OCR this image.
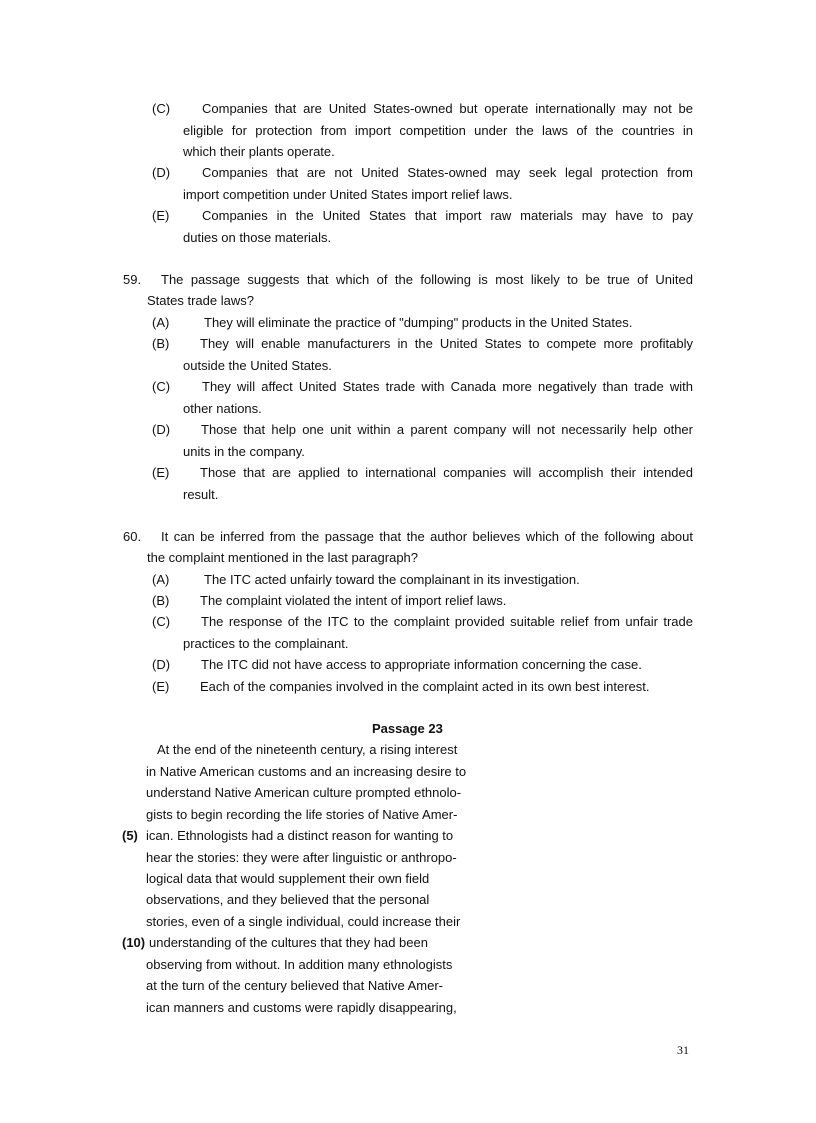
(C) Companies that are United States-owned but operate internationally may not be
eligible for protection from import competition under the laws of the countries in
which their plants operate.
(D) Companies that are not United States-owned may seek legal protection from
import competition under United States import relief laws.
(E)	Companies in the United States that import raw materials may have to pay
duties on those materials.
59. The passage suggests that which of the following is most likely to be true of United
States trade laws?
(A)	They will eliminate the practice of "dumping" products in the United States.
(B) They will enable manufacturers in the United States to compete more profitably
outside the United States.
(C) They will affect United States trade with Canada more negatively than trade with
other nations.
(D) Those that help one unit within a parent company will not necessarily help other
units in the company.
(E) Those that are applied to international companies will accomplish their intended
result.
60. It can be inferred from the passage that the author believes which of the following about
the complaint mentioned in the last paragraph?
(A)	The ITC acted unfairly toward the complainant in its investigation.
(B) The complaint violated the intent of import relief laws.
(C) The response of the ITC to the complaint provided suitable relief from unfair trade
practices to the complainant.
(D) The ITC did not have access to appropriate information concerning the case.
(E) Each of the companies involved in the complaint acted in its own best interest.
Passage 23
At the end of the nineteenth century, a rising interest
in Native American customs and an increasing desire to
understand Native American culture prompted ethnolo-
gists to begin recording the life stories of Native Amer-
(5) ican. Ethnologists had a distinct reason for wanting to
hear the stories: they were after linguistic or anthropo-
logical data that would supplement their own field
observations, and they believed that the personal
stories, even of a single individual, could increase their
(10) understanding of the cultures that they had been
observing from without. In addition many ethnologists
at the turn of the century believed that Native Amer-
ican manners and customs were rapidly disappearing,
31
